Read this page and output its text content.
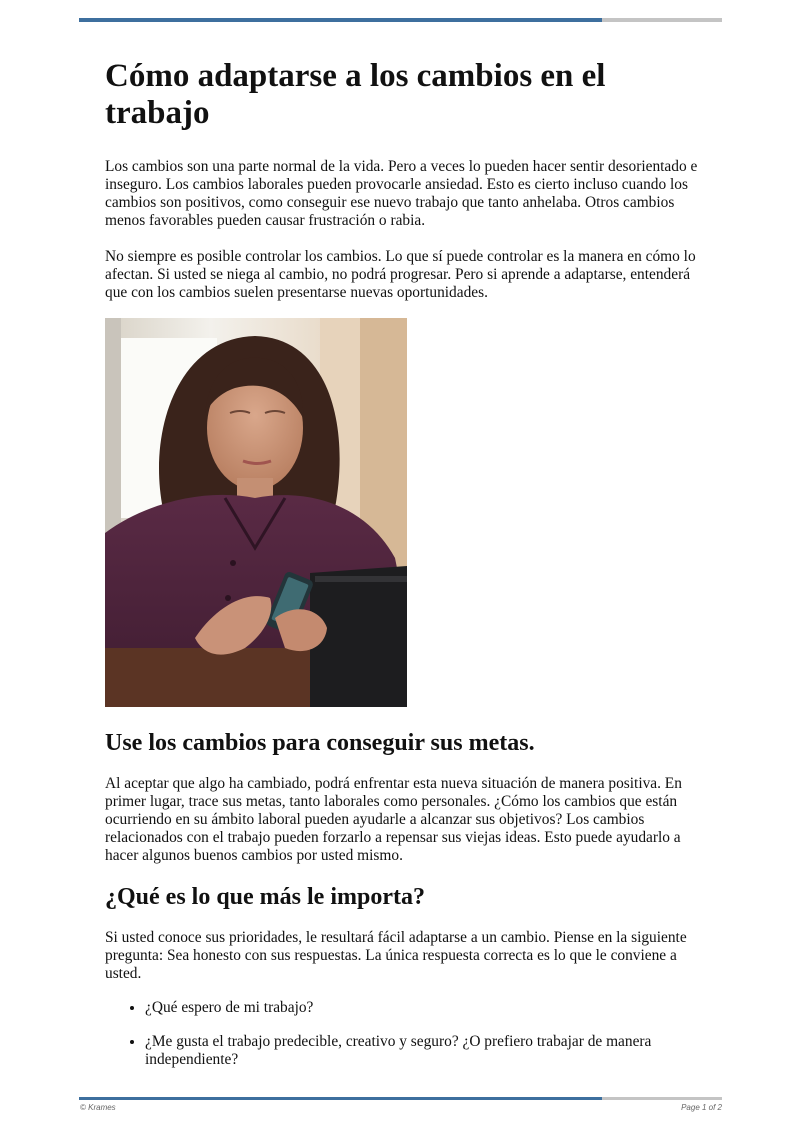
Cómo adaptarse a los cambios en el trabajo

Los cambios son una parte normal de la vida. Pero a veces lo pueden hacer sentir desorientado e inseguro. Los cambios laborales pueden provocarle ansiedad. Esto es cierto incluso cuando los cambios son positivos, como conseguir ese nuevo trabajo que tanto anhelaba. Otros cambios menos favorables pueden causar frustración o rabia.

No siempre es posible controlar los cambios. Lo que sí puede controlar es la manera en cómo lo afectan. Si usted se niega al cambio, no podrá progresar. Pero si aprende a adaptarse, entenderá que con los cambios suelen presentarse nuevas oportunidades.

Use los cambios para conseguir sus metas.

Al aceptar que algo ha cambiado, podrá enfrentar esta nueva situación de manera positiva. En primer lugar, trace sus metas, tanto laborales como personales. ¿Cómo los cambios que están ocurriendo en su ámbito laboral pueden ayudarle a alcanzar sus objetivos? Los cambios relacionados con el trabajo pueden forzarlo a repensar sus viejas ideas. Esto puede ayudarlo a hacer algunos buenos cambios por usted mismo.

¿Qué es lo que más le importa?

Si usted conoce sus prioridades, le resultará fácil adaptarse a un cambio. Piense en la siguiente pregunta: Sea honesto con sus respuestas. La única respuesta correcta es lo que le conviene a usted.

• ¿Qué espero de mi trabajo?
• ¿Me gusta el trabajo predecible, creativo y seguro? ¿O prefiero trabajar de manera independiente?
© Krames	Page 1 of 2
